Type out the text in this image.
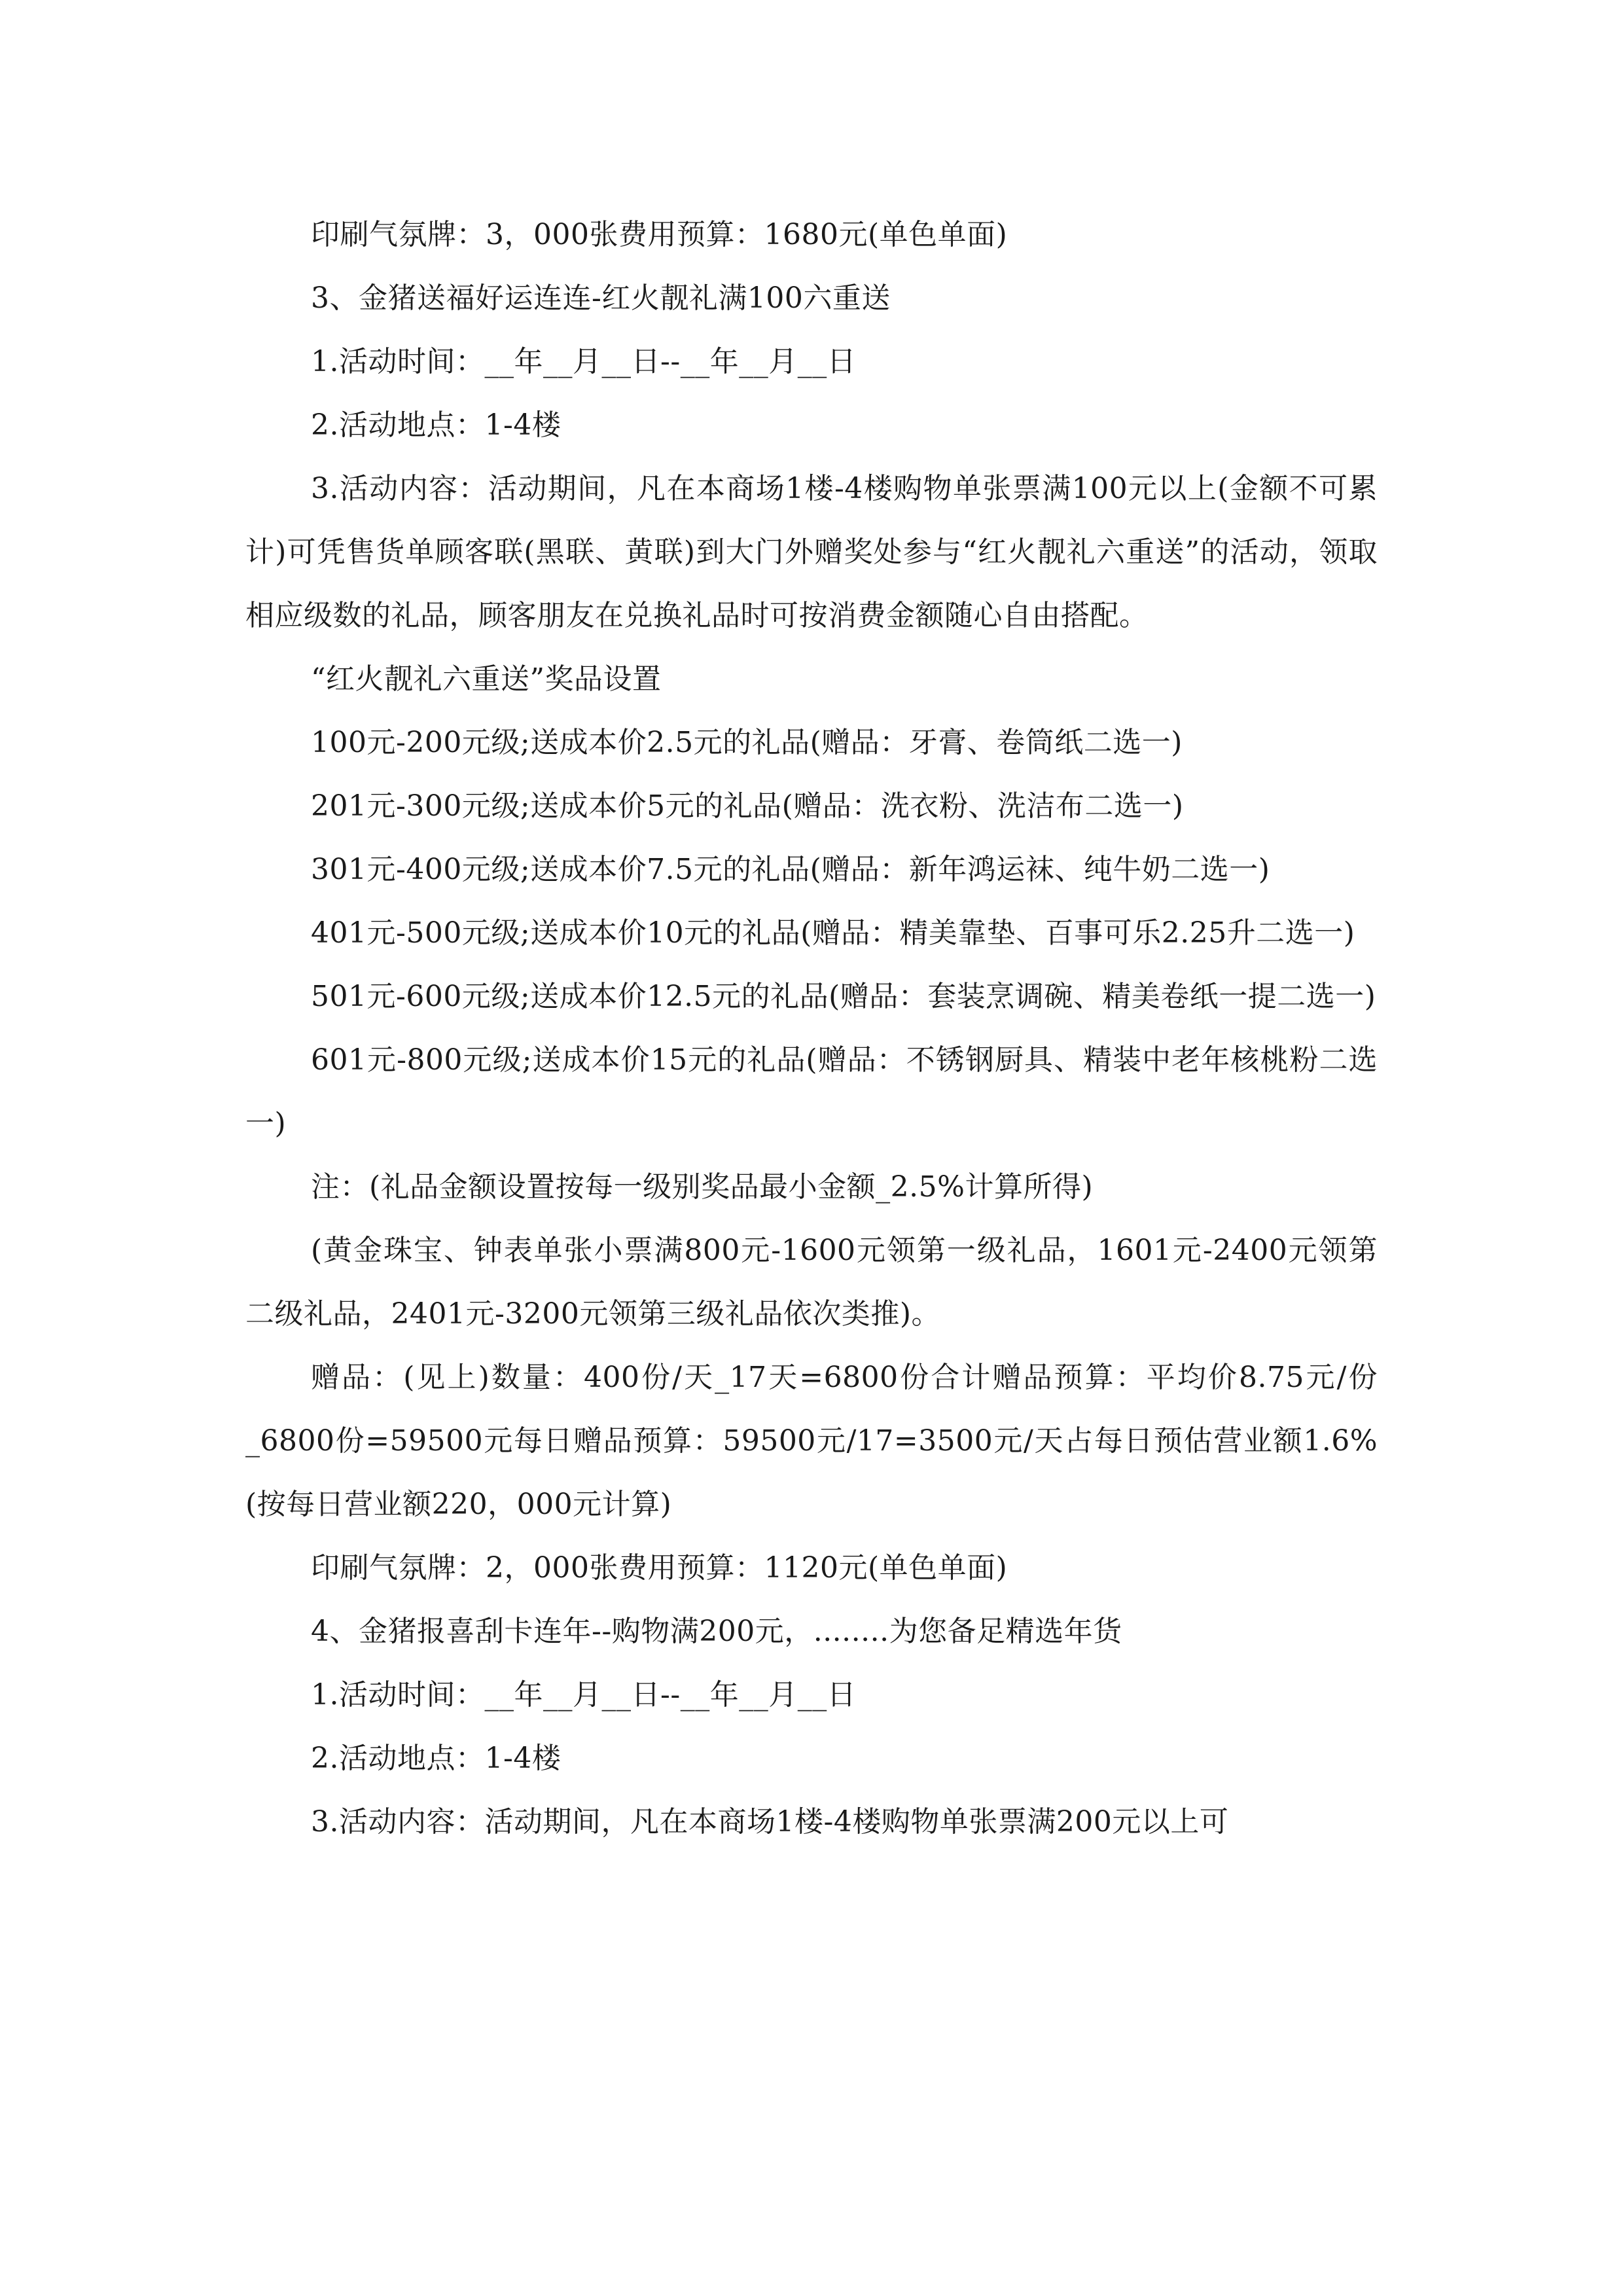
印刷气氛牌：3，000张费用预算：1680元(单色单面)

3、金猪送福好运连连-红火靓礼满100六重送

1.活动时间：__年__月__日--__年__月__日

2.活动地点：1-4楼

3.活动内容：活动期间，凡在本商场1楼-4楼购物单张票满100元以上(金额不可累计)可凭售货单顾客联(黑联、黄联)到大门外赠奖处参与“红火靓礼六重送”的活动，领取相应级数的礼品，顾客朋友在兑换礼品时可按消费金额随心自由搭配。

“红火靓礼六重送”奖品设置

100元-200元级;送成本价2.5元的礼品(赠品：牙膏、卷筒纸二选一)

201元-300元级;送成本价5元的礼品(赠品：洗衣粉、洗洁布二选一)

301元-400元级;送成本价7.5元的礼品(赠品：新年鸿运袜、纯牛奶二选一)

401元-500元级;送成本价10元的礼品(赠品：精美靠垫、百事可乐2.25升二选一)

501元-600元级;送成本价12.5元的礼品(赠品：套装烹调碗、精美卷纸一提二选一)

601元-800元级;送成本价15元的礼品(赠品：不锈钢厨具、精装中老年核桃粉二选一)

注：(礼品金额设置按每一级别奖品最小金额_2.5%计算所得)

(黄金珠宝、钟表单张小票满800元-1600元领第一级礼品，1601元-2400元领第二级礼品，2401元-3200元领第三级礼品依次类推)。

赠品：(见上)数量：400份/天_17天=6800份合计赠品预算：平均价8.75元/份_6800份=59500元每日赠品预算：59500元/17=3500元/天占每日预估营业额1.6%(按每日营业额220，000元计算)

印刷气氛牌：2，000张费用预算：1120元(单色单面)

4、金猪报喜刮卡连年--购物满200元，........为您备足精选年货

1.活动时间：__年__月__日--__年__月__日

2.活动地点：1-4楼

3.活动内容：活动期间，凡在本商场1楼-4楼购物单张票满200元以上可
